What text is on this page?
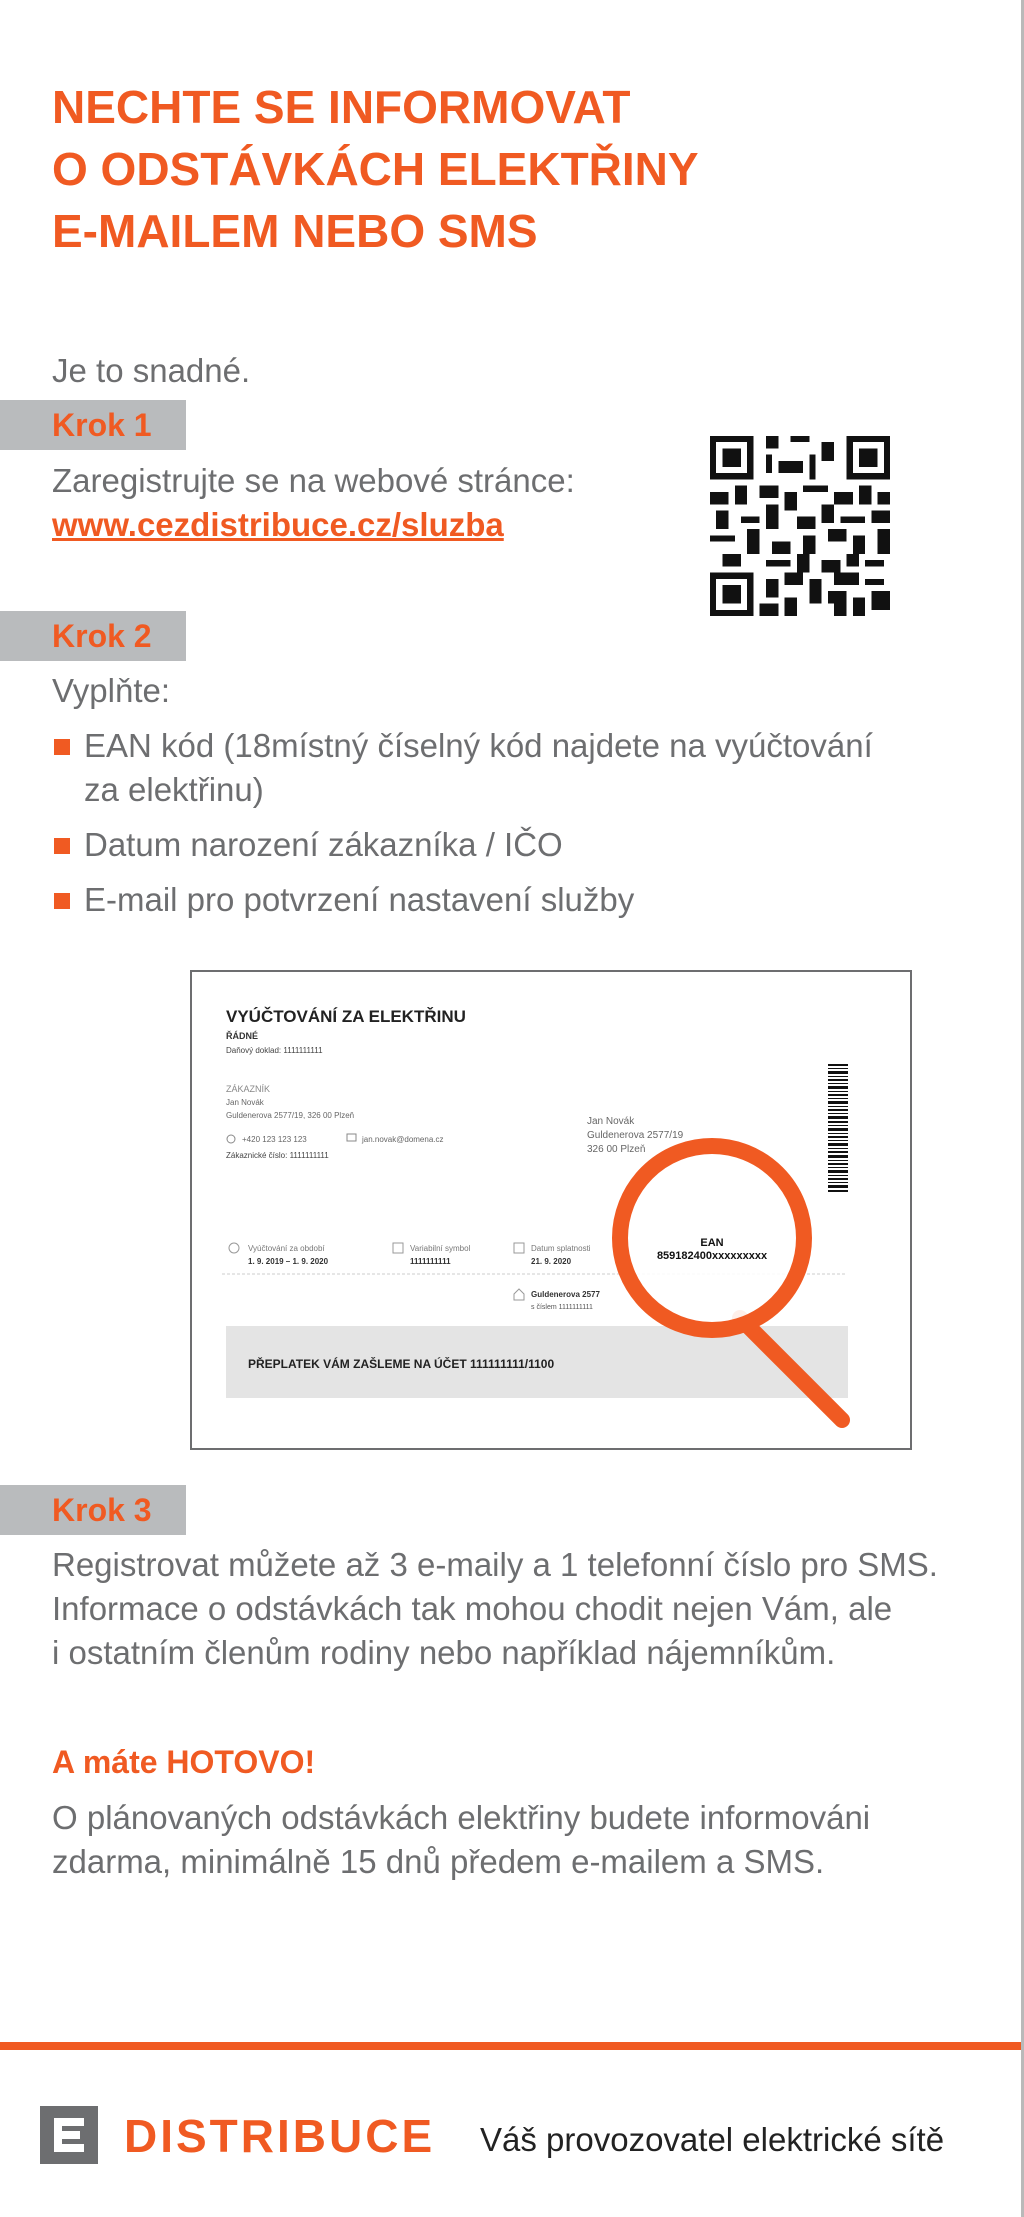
NECHTE SE INFORMOVAT
O ODSTÁVKÁCH ELEKTŘINY
E-MAILEM NEBO SMS

Je to snadné.

Krok 1

Zaregistrujte se na webové stránce:

www.cezdistribuce.cz/sluzba
Krok 2

Vyplňte:

EAN kód (18místný číselný kód najdete na vyúčtování
za elektřinu)
Datum narození zákazníka / IČO
E-mail pro potvrzení nastavení služby
VYÚČTOVÁNÍ ZA ELEKTŘINU
ŘÁDNÉ
Daňový doklad: 1111111111
ZÁKAZNÍK
Jan Novák
Guldenerova 2577/19, 326 00 Plzeň
+420 123 123 123	jan.novak@domena.cz
Zákaznické číslo: 1111111111
Jan Novák
Guldenerova 2577/19
326 00 Plzeň
Vyúčtování za období
1. 9. 2019 – 1. 9. 2020
Variabilní symbol
1111111111
Datum splatnosti
21. 9. 2020
Guldenerova 2577
s číslem 1111111111
PŘEPLATEK VÁM ZAŠLEME NA ÚČET 111111111/1100
EAN
859182400xxxxxxxxx
Krok 3

Registrovat můžete až 3 e-maily a 1 telefonní číslo pro SMS.

Informace o odstávkách tak mohou chodit nejen Vám, ale

i ostatním členům rodiny nebo například nájemníkům.

A máte HOTOVO!

O plánovaných odstávkách elektřiny budete informováni

zdarma, minimálně 15 dnů předem e-mailem a SMS.

DISTRIBUCE Váš provozovatel elektrické sítě
